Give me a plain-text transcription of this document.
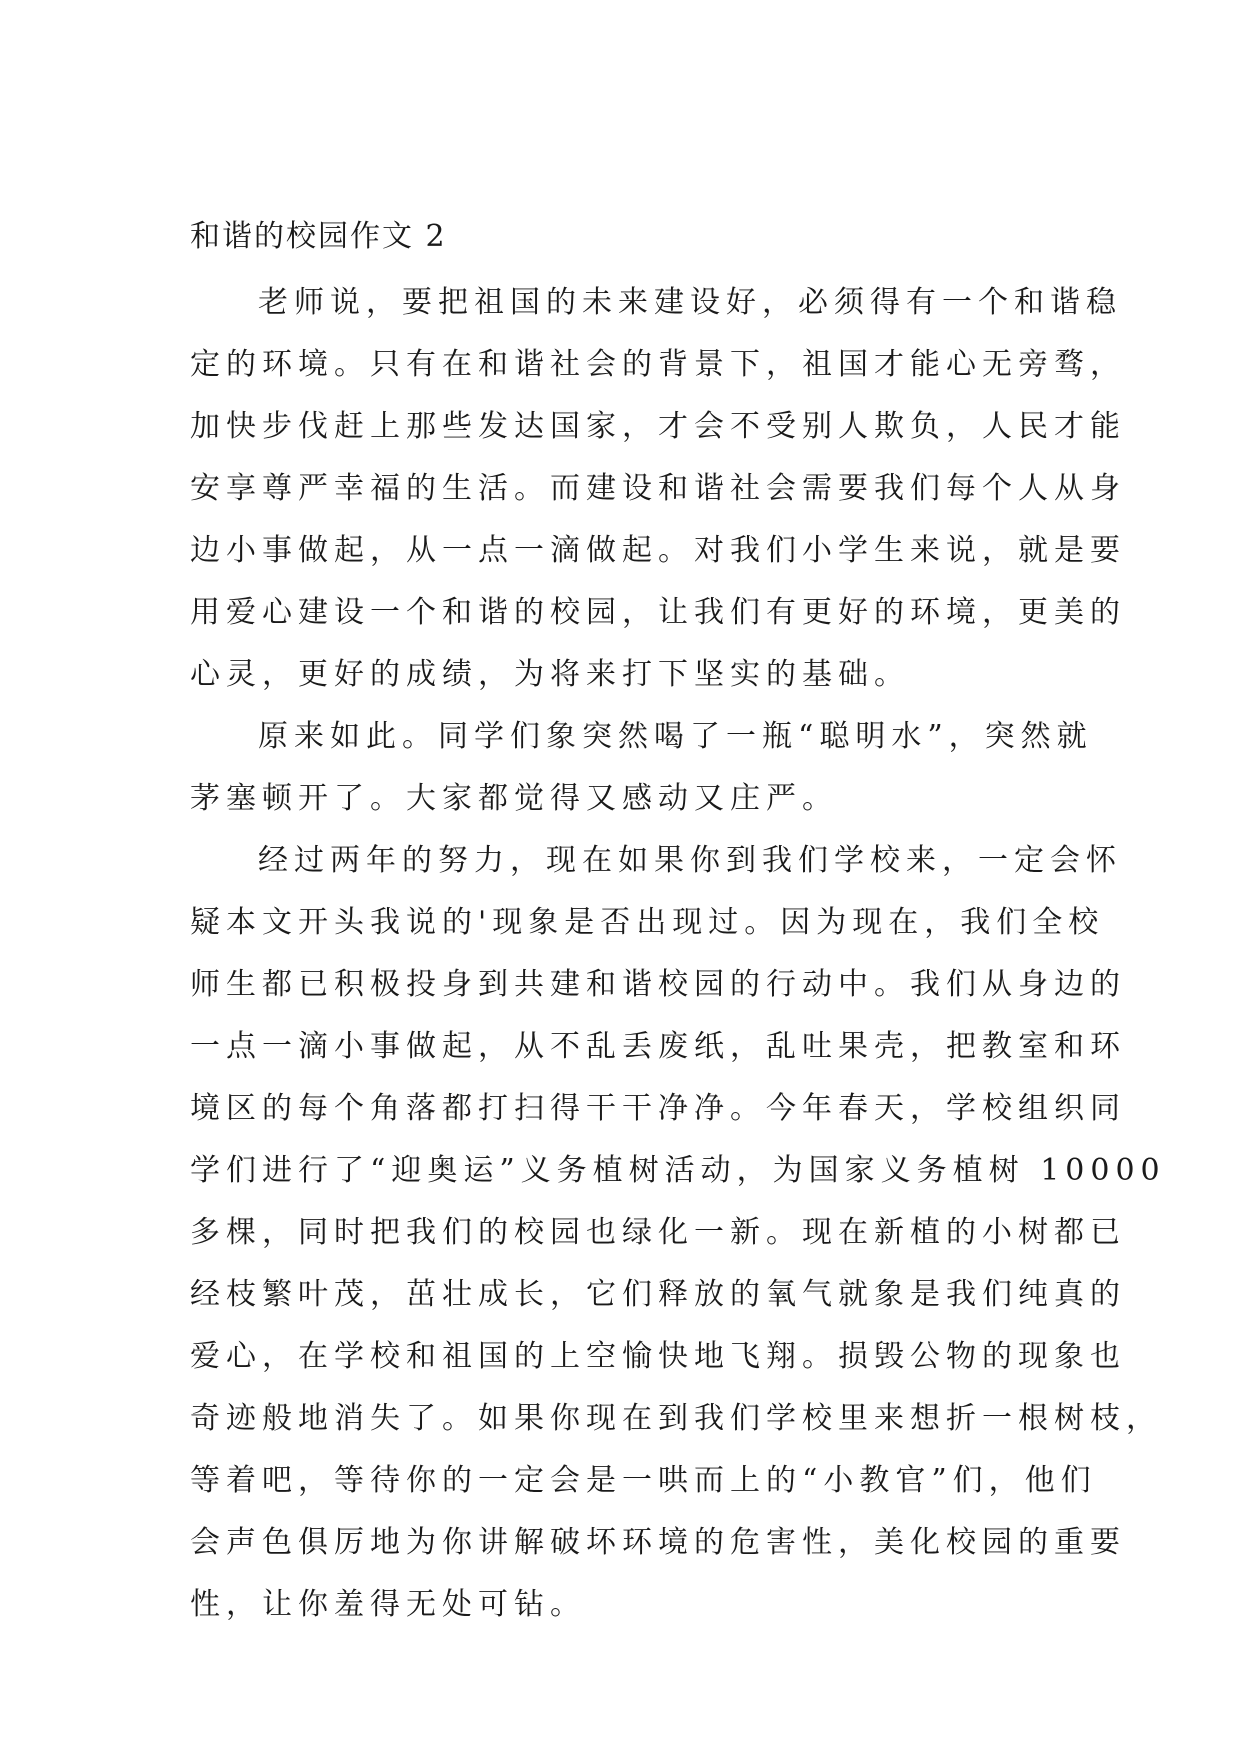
和谐的校园作文 2

老师说，要把祖国的未来建设好，必须得有一个和谐稳
定的环境。只有在和谐社会的背景下，祖国才能心无旁骛，
加快步伐赶上那些发达国家，才会不受别人欺负，人民才能
安享尊严幸福的生活。而建设和谐社会需要我们每个人从身
边小事做起，从一点一滴做起。对我们小学生来说，就是要
用爱心建设一个和谐的校园，让我们有更好的环境，更美的
心灵，更好的成绩，为将来打下坚实的基础。
原来如此。同学们象突然喝了一瓶“聪明水”，突然就
茅塞顿开了。大家都觉得又感动又庄严。
经过两年的努力，现在如果你到我们学校来，一定会怀
疑本文开头我说的'现象是否出现过。因为现在，我们全校
师生都已积极投身到共建和谐校园的行动中。我们从身边的
一点一滴小事做起，从不乱丢废纸，乱吐果壳，把教室和环
境区的每个角落都打扫得干干净净。今年春天，学校组织同
学们进行了“迎奥运”义务植树活动，为国家义务植树 10000
多棵，同时把我们的校园也绿化一新。现在新植的小树都已
经枝繁叶茂，茁壮成长，它们释放的氧气就象是我们纯真的
爱心，在学校和祖国的上空愉快地飞翔。损毁公物的现象也
奇迹般地消失了。如果你现在到我们学校里来想折一根树枝，
等着吧，等待你的一定会是一哄而上的“小教官”们，他们
会声色俱厉地为你讲解破坏环境的危害性，美化校园的重要
性，让你羞得无处可钻。
